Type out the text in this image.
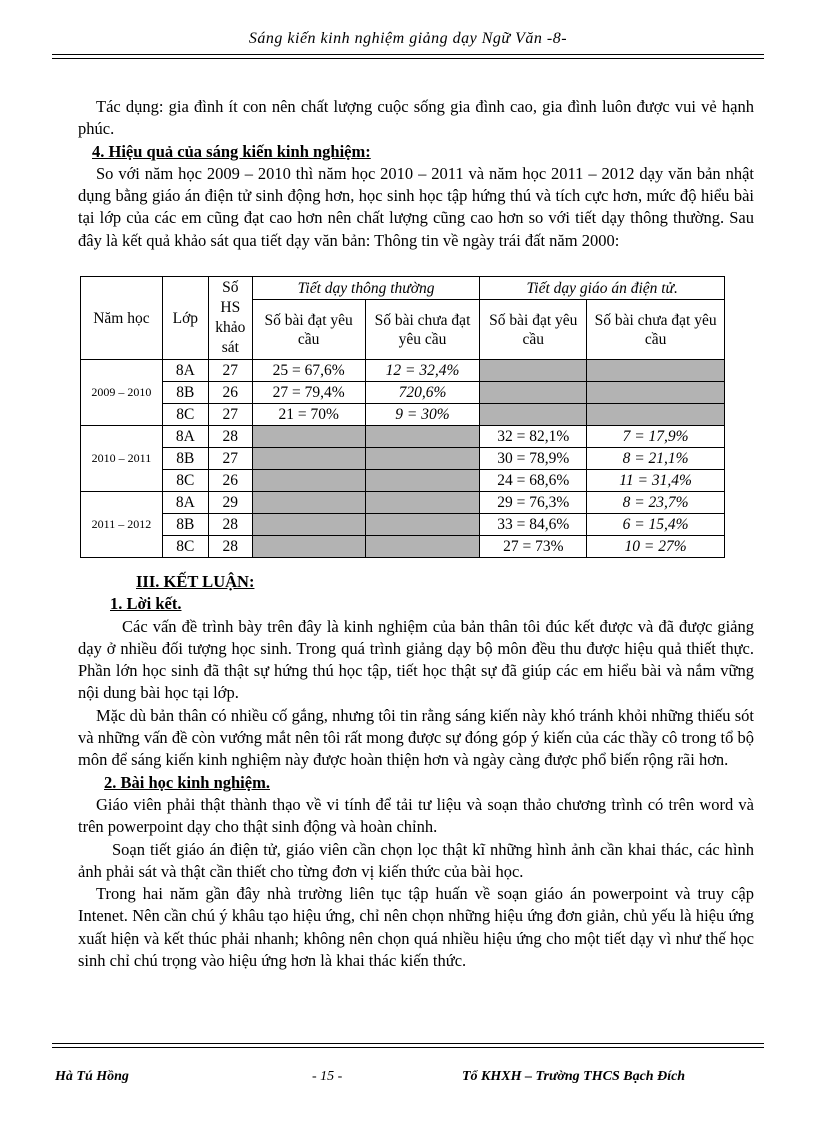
Sáng kiến kinh nghiệm giảng dạy Ngữ Văn -8-

Tác dụng: gia đình ít con nên chất lượng cuộc sống gia đình cao, gia đình luôn được vui vẻ hạnh phúc.

4. Hiệu quả của sáng kiến kinh nghiệm:

So với năm học 2009 – 2010 thì năm học 2010 – 2011 và năm học 2011 – 2012 dạy văn bản nhật dụng bằng giáo án điện tử sinh động hơn, học sinh học tập hứng thú và tích cực hơn, mức độ hiểu bài tại lớp của các em cũng đạt cao hơn nên chất lượng cũng cao hơn so với tiết dạy thông thường. Sau đây là kết quả khảo sát qua tiết dạy văn bản: Thông tin về ngày trái đất năm 2000:

Năm học	Lớp	Số HS khảo sát	Tiết dạy thông thường		Tiết dạy giáo án điện tử.	
			Số bài đạt yêu cầu	Số bài chưa đạt yêu cầu	Số bài đạt yêu cầu	Số bài chưa đạt yêu cầu
2009 – 2010	8A	27	25 = 67,6%	12 = 32,4%		
	8B	26	27 = 79,4%	720,6%		
	8C	27	21 = 70%	9 = 30%		
2010 – 2011	8A	28			32 = 82,1%	7 = 17,9%
	8B	27			30 = 78,9%	8 = 21,1%
	8C	26			24 = 68,6%	11 = 31,4%
2011 – 2012	8A	29			29 = 76,3%	8 = 23,7%
	8B	28			33 = 84,6%	6 = 15,4%
	8C	28			27 = 73%	10 = 27%

III. KẾT LUẬN:

1. Lời kết.

Các vấn đề trình bày trên đây là kinh nghiệm của bản thân tôi đúc kết được và đã được giảng dạy ở nhiều đối tượng học sinh. Trong quá trình giảng dạy bộ môn đều thu được hiệu quả thiết thực. Phần lớn học sinh đã thật sự hứng thú học tập, tiết học thật sự đã giúp các em hiểu bài và nắm vững nội dung bài học tại lớp.

Mặc dù bản thân có nhiều cố gắng, nhưng tôi tin rằng sáng kiến này khó tránh khỏi những thiếu sót và những vấn đề còn vướng mắt nên tôi rất mong được sự đóng góp ý kiến của các thầy cô trong tổ bộ môn để sáng kiến kinh nghiệm này được hoàn thiện hơn và ngày càng được phổ biến rộng rãi hơn.

2. Bài học kinh nghiệm.

Giáo viên phải thật thành thạo về vi tính để tải tư liệu và soạn thảo chương trình có trên word và trên powerpoint dạy cho thật sinh động và hoàn chỉnh.

Soạn tiết giáo án điện tử, giáo viên cần chọn lọc thật kĩ những hình ảnh cần khai thác, các hình ảnh phải sát và thật cần thiết cho từng đơn vị kiến thức của bài học.

Trong hai năm gần đây nhà trường liên tục tập huấn về soạn giáo án powerpoint và truy cập Intenet. Nên cần chú ý khâu tạo hiệu ứng, chỉ nên chọn những hiệu ứng đơn giản, chủ yếu là hiệu ứng xuất hiện và kết thúc phải nhanh; không nên chọn quá nhiều hiệu ứng cho một tiết dạy vì như thế học sinh chỉ chú trọng vào hiệu ứng hơn là khai thác kiến thức.

Hà Tú Hồng	- 15 -	Tổ KHXH – Trường THCS Bạch Đích
